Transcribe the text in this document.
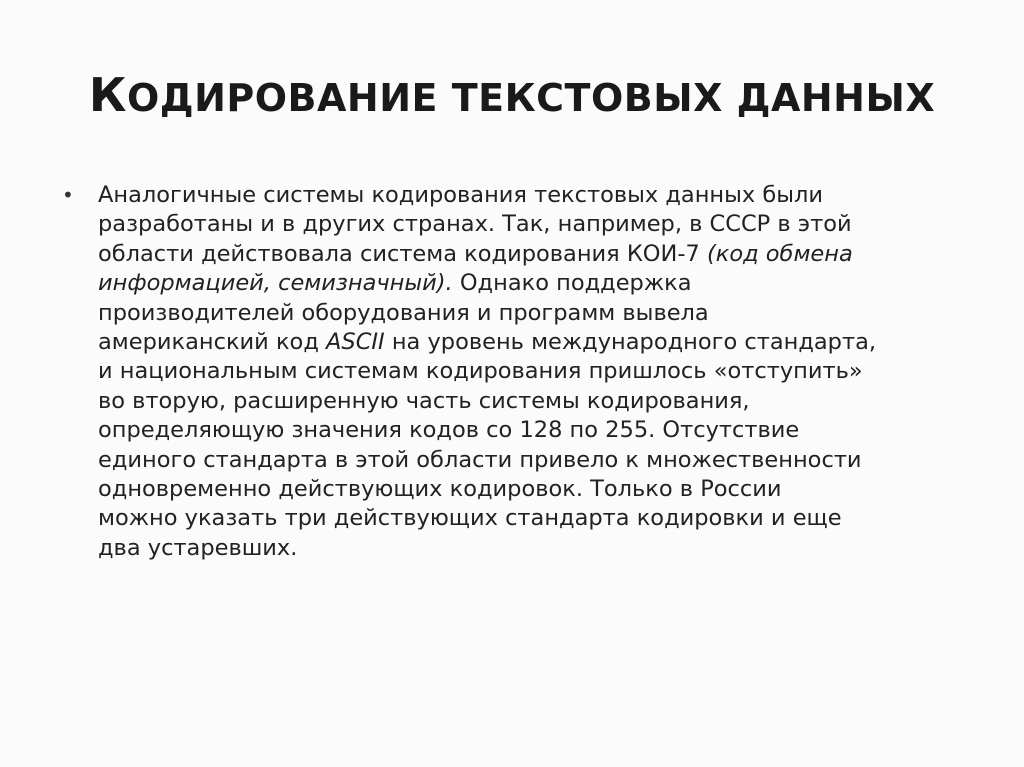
КОДИРОВАНИЕ ТЕКСТОВЫХ ДАННЫХ
• Аналогичные системы кодирования текстовых данных были
разработаны и в других странах. Так, например, в СССР в этой
области действовала система кодирования КОИ-7 (код обмена
информацией, семизначный). Однако поддержка
производителей оборудования и программ вывела
американский код ASCII на уровень международного стандарта,
и национальным системам кодирования пришлось «отступить»
во вторую, расширенную часть системы кодирования,
определяющую значения кодов со 128 по 255. Отсутствие
единого стандарта в этой области привело к множественности
одновременно действующих кодировок. Только в России
можно указать три действующих стандарта кодировки и еще
два устаревших.
